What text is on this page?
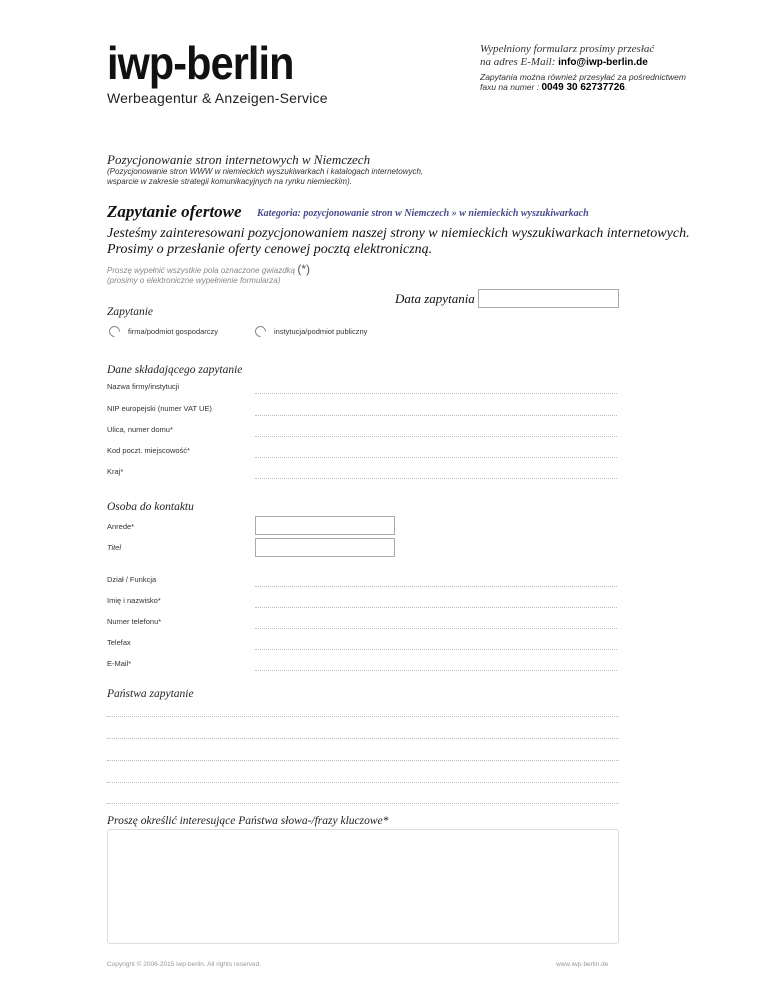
iwp-berlin
Werbeagentur & Anzeigen-Service
Wypełniony formularz prosimy przesłać
na adres E-Mail: info@iwp-berlin.de
Zapytania można również przesyłać za pośrednictwem
faxu na numer : 0049 30 62737726.
Pozycjonowanie stron internetowych w Niemczech
(Pozycjonowanie stron WWW w niemieckich wyszukiwarkach i katalogach internetowych,
wsparcie w zakresie strategii komunikacyjnych na rynku niemieckim).
Zapytanie ofertowe Kategoria: pozycjonowanie stron w Niemczech » w niemieckich wyszukiwarkach
Jesteśmy zainteresowani pozycjonowaniem naszej strony w niemieckich wyszukiwarkach internetowych.
Prosimy o przesłanie oferty cenowej pocztą elektroniczną.
Proszę wypełnić wszystkie pola oznaczone gwiazdką (*)
(prosimy o elektroniczne wypełnienie formularza)
Data zapytania
Zapytanie
firma/podmiot gospodarczy	instytucja/podmiot publiczny
Dane składającego zapytanie
Nazwa firmy/instytucji
NIP europejski (numer VAT UE)
Ulica, numer domu*
Kod poczt. miejscowość*
Kraj*
Osoba do kontaktu
Anrede*
Titel
Dział / Funkcja
Imię i nazwisko*
Numer telefonu*
Telefax
E-Mail*
Państwa zapytanie
Proszę określić interesujące Państwa słowa-/frazy kluczowe*
Copyright © 2006-2015 iwp-berlin. All rights reserved.	www.iwp-berlin.de
